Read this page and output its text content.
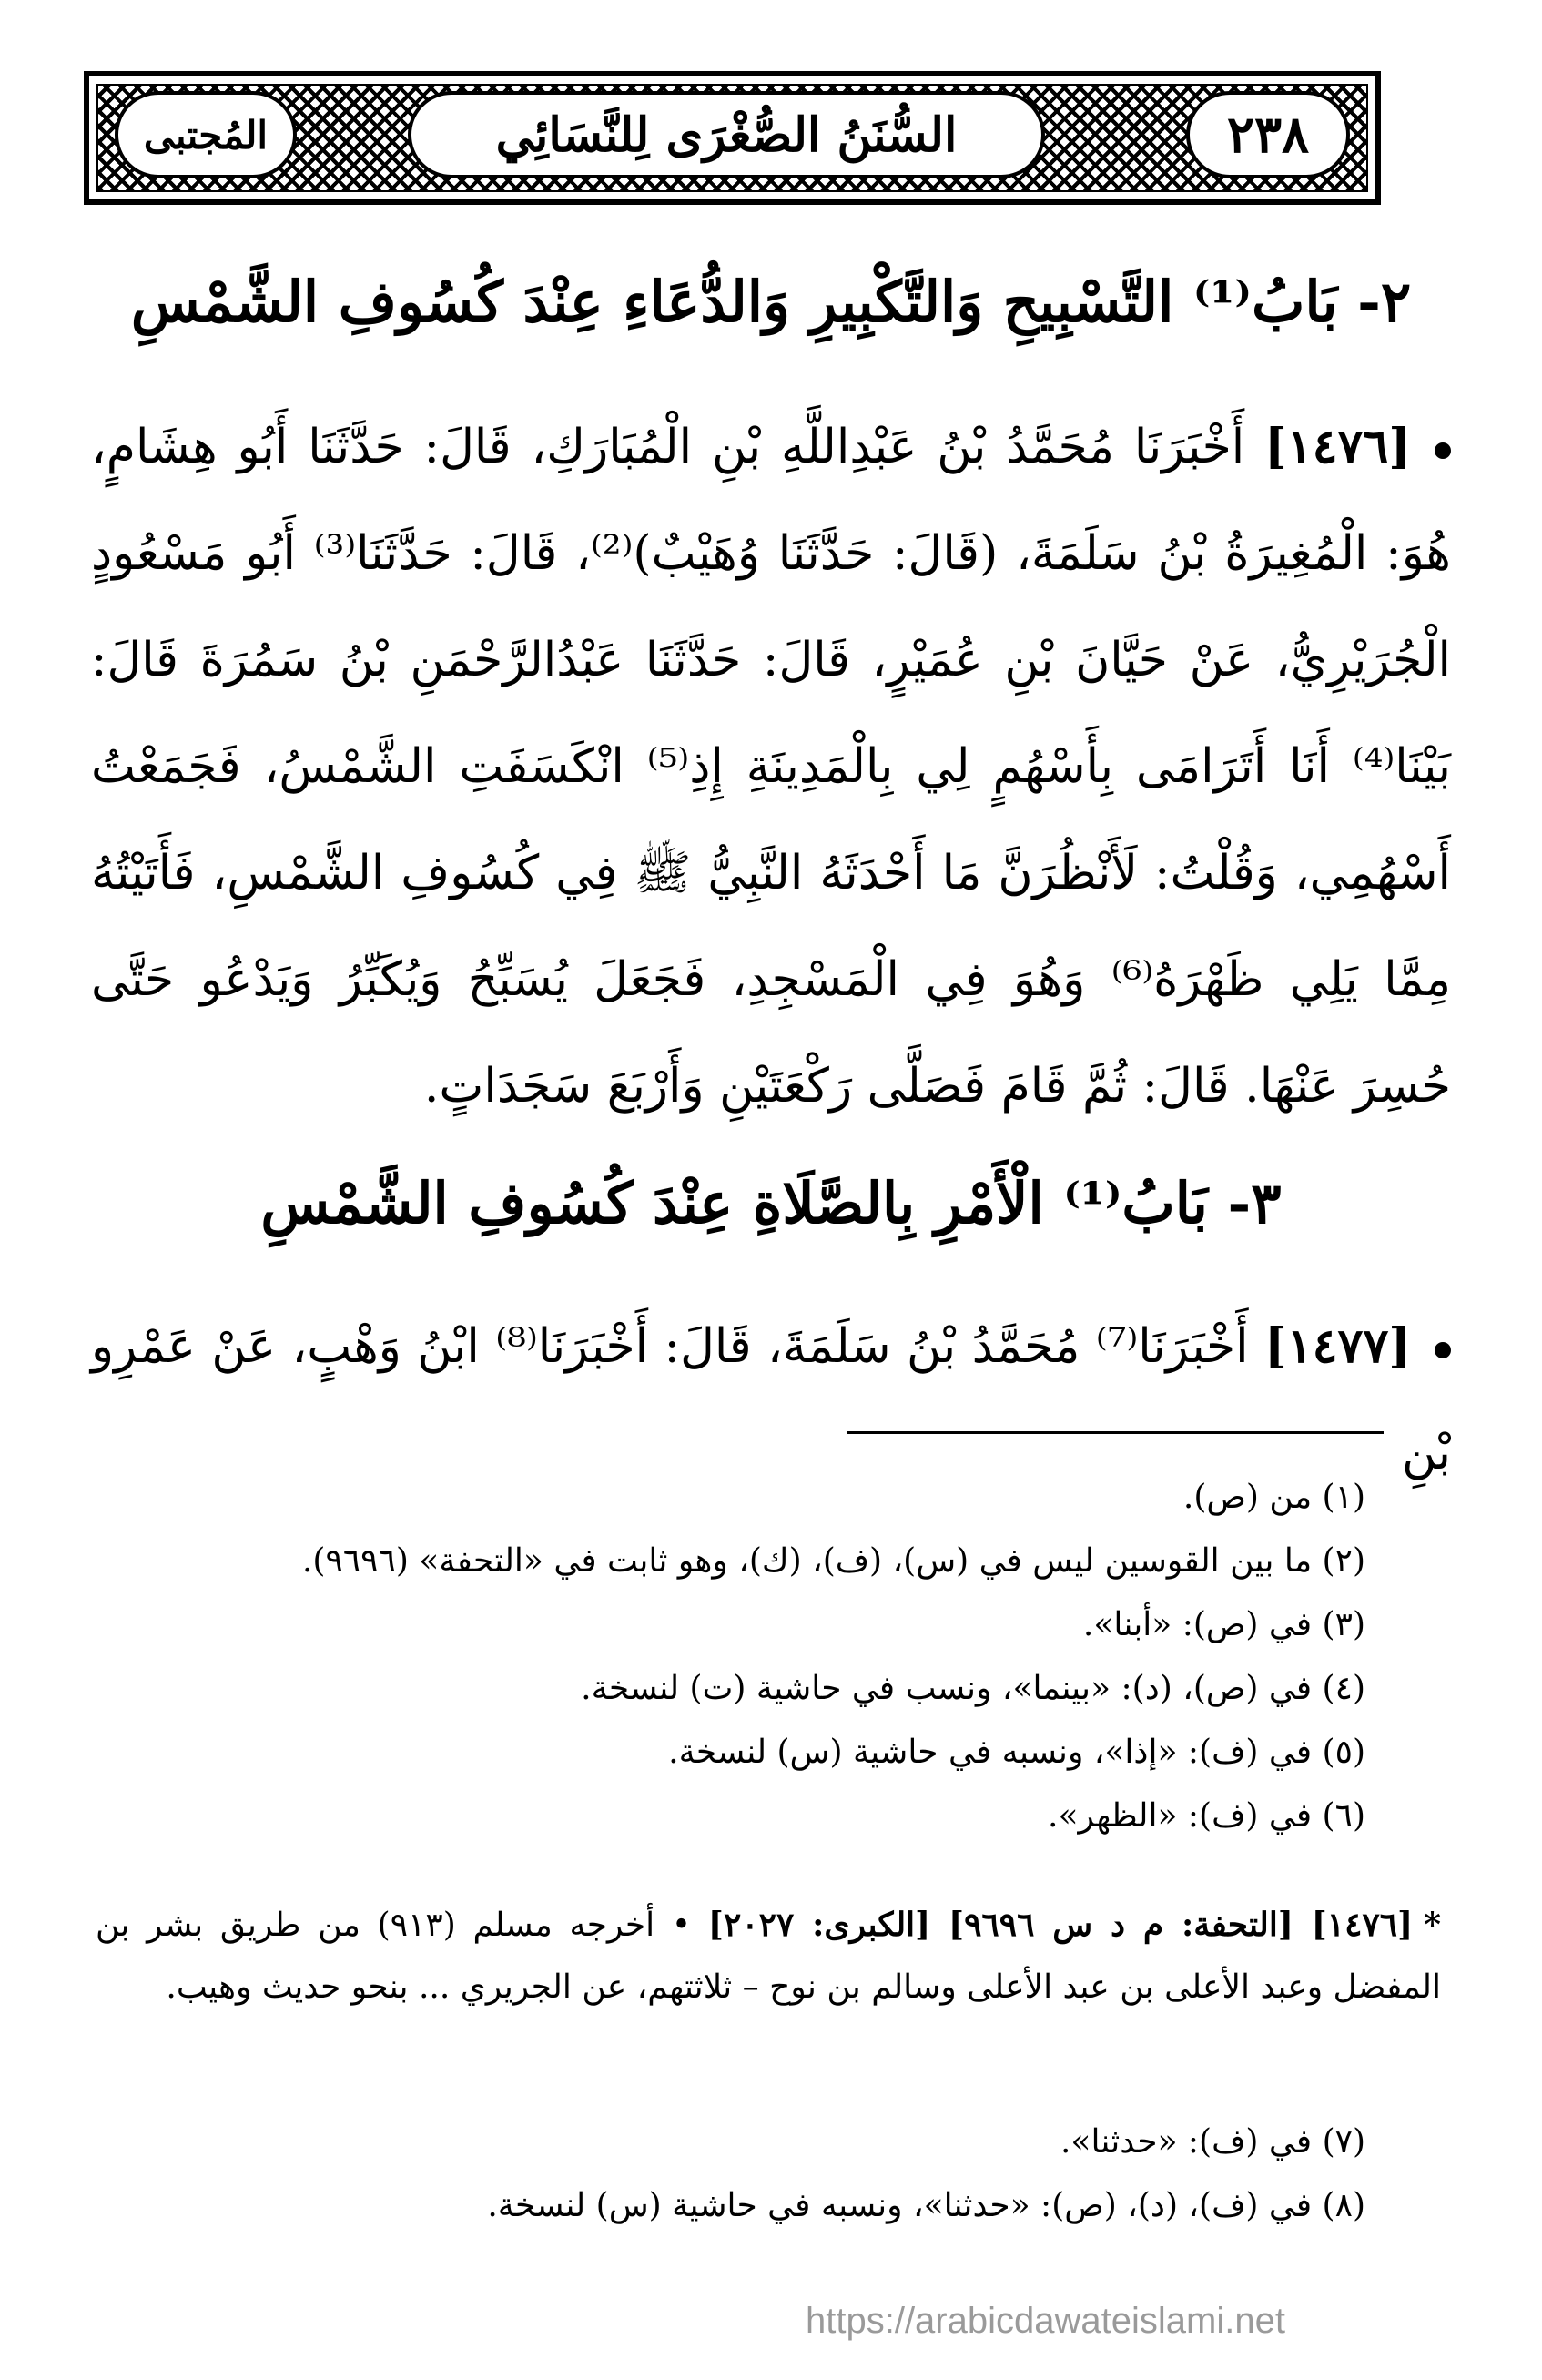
المُجتبى	السُّنَنُ الصُّغْرَى لِلنَّسَائِي	٢٣٨
٢- بَابُ⁽¹⁾ التَّسْبِيحِ وَالتَّكْبِيرِ وَالدُّعَاءِ عِنْدَ كُسُوفِ الشَّمْسِ
[١٤٧٦] أَخْبَرَنَا مُحَمَّدُ بْنُ عَبْدِاللَّهِ بْنِ الْمُبَارَكِ، قَالَ: حَدَّثَنَا أَبُو هِشَامٍ، هُوَ: الْمُغِيرَةُ بْنُ سَلَمَةَ، (قَالَ: حَدَّثَنَا وُهَيْبٌ)⁽²⁾، قَالَ: حَدَّثَنَا⁽³⁾ أَبُو مَسْعُودٍ الْجُرَيْرِيُّ، عَنْ حَيَّانَ بْنِ عُمَيْرٍ، قَالَ: حَدَّثَنَا عَبْدُالرَّحْمَنِ بْنُ سَمُرَةَ قَالَ: بَيْنَا⁽⁴⁾ أَنَا أَتَرَامَى بِأَسْهُمٍ لِي بِالْمَدِينَةِ إِذِ⁽⁵⁾ انْكَسَفَتِ الشَّمْسُ، فَجَمَعْتُ أَسْهُمِي، وَقُلْتُ: لَأَنْظُرَنَّ مَا أَحْدَثَهُ النَّبِيُّ ﷺ فِي كُسُوفِ الشَّمْسِ، فَأَتَيْتُهُ مِمَّا يَلِي ظَهْرَهُ⁽⁶⁾ وَهُوَ فِي الْمَسْجِدِ، فَجَعَلَ يُسَبِّحُ وَيُكَبِّرُ وَيَدْعُو حَتَّى حُسِرَ عَنْهَا. قَالَ: ثُمَّ قَامَ فَصَلَّى رَكْعَتَيْنِ وَأَرْبَعَ سَجَدَاتٍ.
٣- بَابُ⁽¹⁾ الْأَمْرِ بِالصَّلَاةِ عِنْدَ كُسُوفِ الشَّمْسِ
[١٤٧٧] أَخْبَرَنَا⁽⁷⁾ مُحَمَّدُ بْنُ سَلَمَةَ، قَالَ: أَخْبَرَنَا⁽⁸⁾ ابْنُ وَهْبٍ، عَنْ عَمْرِو بْنِ
(١) من (ص).
(٢) ما بين القوسين ليس في (س)، (ف)، (ك)، وهو ثابت في «التحفة» (٩٦٩٦).
(٣) في (ص): «أبنا».
(٤) في (ص)، (د): «بينما»، ونسب في حاشية (ت) لنسخة.
(٥) في (ف): «إذا»، ونسبه في حاشية (س) لنسخة.
(٦) في (ف): «الظهر».
*[١٤٧٦] [التحفة: م د س ٩٦٩٦] [الكبرى: ٢٠٢٧] • أخرجه مسلم (٩١٣) من طريق بشر بن المفضل وعبد الأعلى بن عبد الأعلى وسالم بن نوح – ثلاثتهم، عن الجريري ... بنحو حديث وهيب.
(٧) في (ف): «حدثنا».
(٨) في (ف)، (د)، (ص): «حدثنا»، ونسبه في حاشية (س) لنسخة.
https://arabicdawateislami.net
